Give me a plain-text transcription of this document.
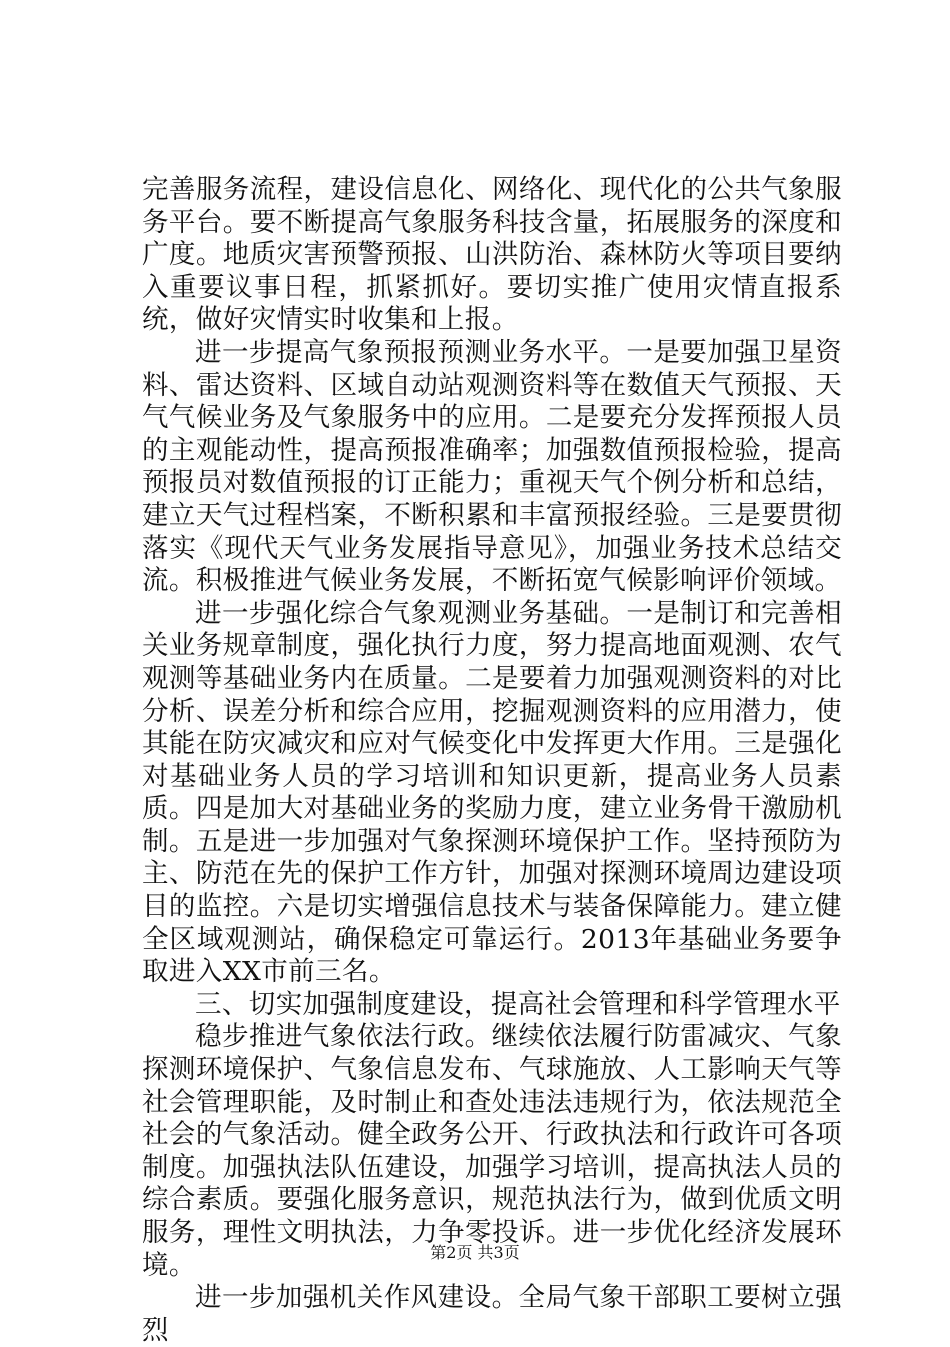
完善服务流程，建设信息化、网络化、现代化的公共气象服务平台。要不断提高气象服务科技含量，拓展服务的深度和广度。地质灾害预警预报、山洪防治、森林防火等项目要纳入重要议事日程，抓紧抓好。要切实推广使用灾情直报系统，做好灾情实时收集和上报。

进一步提高气象预报预测业务水平。一是要加强卫星资料、雷达资料、区域自动站观测资料等在数值天气预报、天气气候业务及气象服务中的应用。二是要充分发挥预报人员的主观能动性，提高预报准确率；加强数值预报检验，提高预报员对数值预报的订正能力；重视天气个例分析和总结，建立天气过程档案，不断积累和丰富预报经验。三是要贯彻落实《现代天气业务发展指导意见》，加强业务技术总结交流。积极推进气候业务发展，不断拓宽气候影响评价领域。

进一步强化综合气象观测业务基础。一是制订和完善相关业务规章制度，强化执行力度，努力提高地面观测、农气观测等基础业务内在质量。二是要着力加强观测资料的对比分析、误差分析和综合应用，挖掘观测资料的应用潜力，使其能在防灾减灾和应对气候变化中发挥更大作用。三是强化对基础业务人员的学习培训和知识更新，提高业务人员素质。四是加大对基础业务的奖励力度，建立业务骨干激励机制。五是进一步加强对气象探测环境保护工作。坚持预防为主、防范在先的保护工作方针，加强对探测环境周边建设项目的监控。六是切实增强信息技术与装备保障能力。建立健全区域观测站，确保稳定可靠运行。2013年基础业务要争取进入XX市前三名。

三、切实加强制度建设，提高社会管理和科学管理水平

稳步推进气象依法行政。继续依法履行防雷减灾、气象探测环境保护、气象信息发布、气球施放、人工影响天气等社会管理职能，及时制止和查处违法违规行为，依法规范全社会的气象活动。健全政务公开、行政执法和行政许可各项制度。加强执法队伍建设，加强学习培训，提高执法人员的综合素质。要强化服务意识，规范执法行为，做到优质文明服务，理性文明执法，力争零投诉。进一步优化经济发展环境。

进一步加强机关作风建设。全局气象干部职工要树立强烈

第2页 共3页
